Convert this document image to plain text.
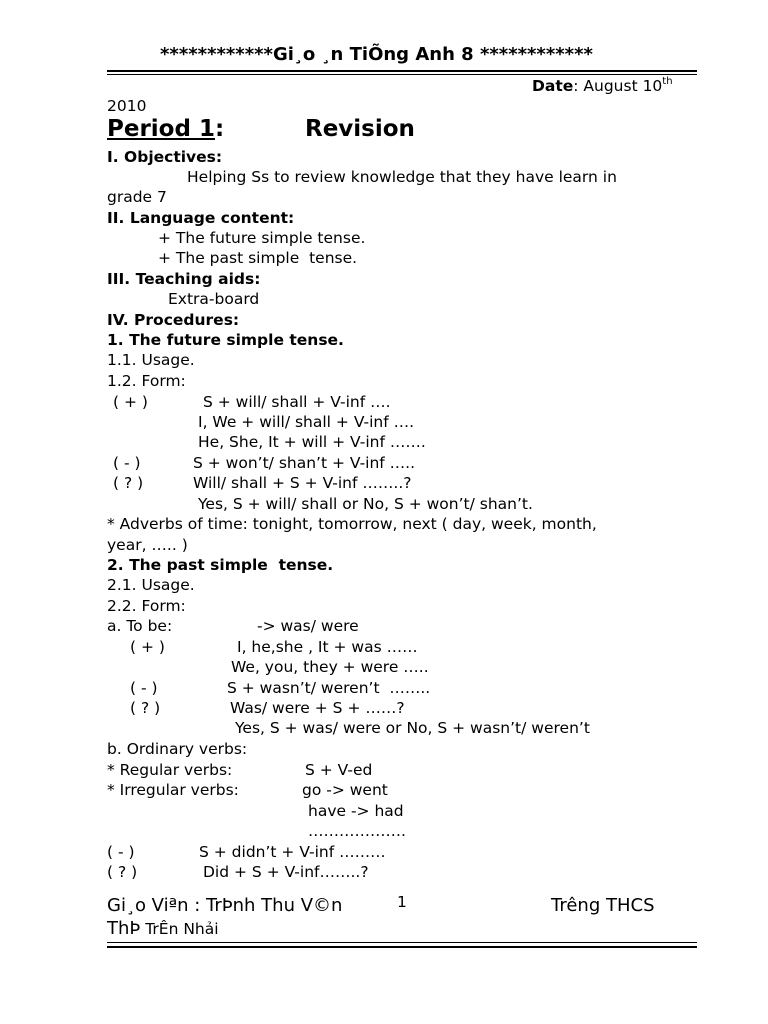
************Gi¸o ¸n TiÕng Anh 8 ************
Date: August 10th
2010
Period 1:	Revision
I. Objectives:
Helping Ss to review knowledge that they have learn in
grade 7
II. Language content:
+ The future simple tense.
+ The past simple  tense.
III. Teaching aids:
Extra-board
IV. Procedures:
1. The future simple tense.
1.1. Usage.
1.2. Form:
( + )	S + will/ shall + V-inf ….
I, We + will/ shall + V-inf ….
He, She, It + will + V-inf …….
( - )	S + won’t/ shan’t + V-inf …..
( ? )	Will/ shall + S + V-inf ……..?
Yes, S + will/ shall or No, S + won’t/ shan’t.
* Adverbs of time: tonight, tomorrow, next ( day, week, month,
year, ….. )
2. The past simple  tense.
2.1. Usage.
2.2. Form:
a. To be:	-> was/ were
( + )	I, he,she , It + was ……
We, you, they + were …..
( - )	S + wasn’t/ weren’t  ……..
( ? )	Was/ were + S + ……?
Yes, S + was/ were or No, S + wasn’t/ weren’t
b. Ordinary verbs:
* Regular verbs:	S + V-ed
* Irregular verbs:	go -> went
have -> had
……………….
( - )	S + didn’t + V-inf ………
( ? )	Did + S + V-inf……..?
Gi¸o Viªn : TrÞnh Thu V©n	1	Trêng THCS
ThÞ TrÊn Nhải
